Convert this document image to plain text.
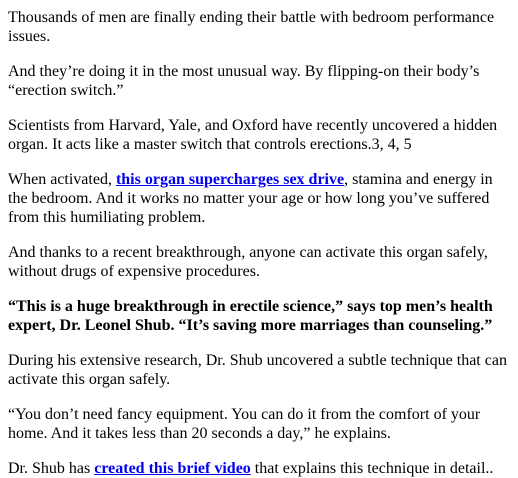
Thousands of men are finally ending their battle with bedroom performance issues.

And they’re doing it in the most unusual way. By flipping-on their body’s “erection switch.”

Scientists from Harvard, Yale, and Oxford have recently uncovered a hidden organ. It acts like a master switch that controls erections.3, 4, 5

When activated, this organ supercharges sex drive, stamina and energy in the bedroom. And it works no matter your age or how long you’ve suffered from this humiliating problem.

And thanks to a recent breakthrough, anyone can activate this organ safely, without drugs of expensive procedures.

“This is a huge breakthrough in erectile science,” says top men’s health expert, Dr. Leonel Shub. “It’s saving more marriages than counseling.”

During his extensive research, Dr. Shub uncovered a subtle technique that can activate this organ safely.

“You don’t need fancy equipment. You can do it from the comfort of your home. And it takes less than 20 seconds a day,” he explains.

Dr. Shub has created this brief video that explains this technique in detail..
